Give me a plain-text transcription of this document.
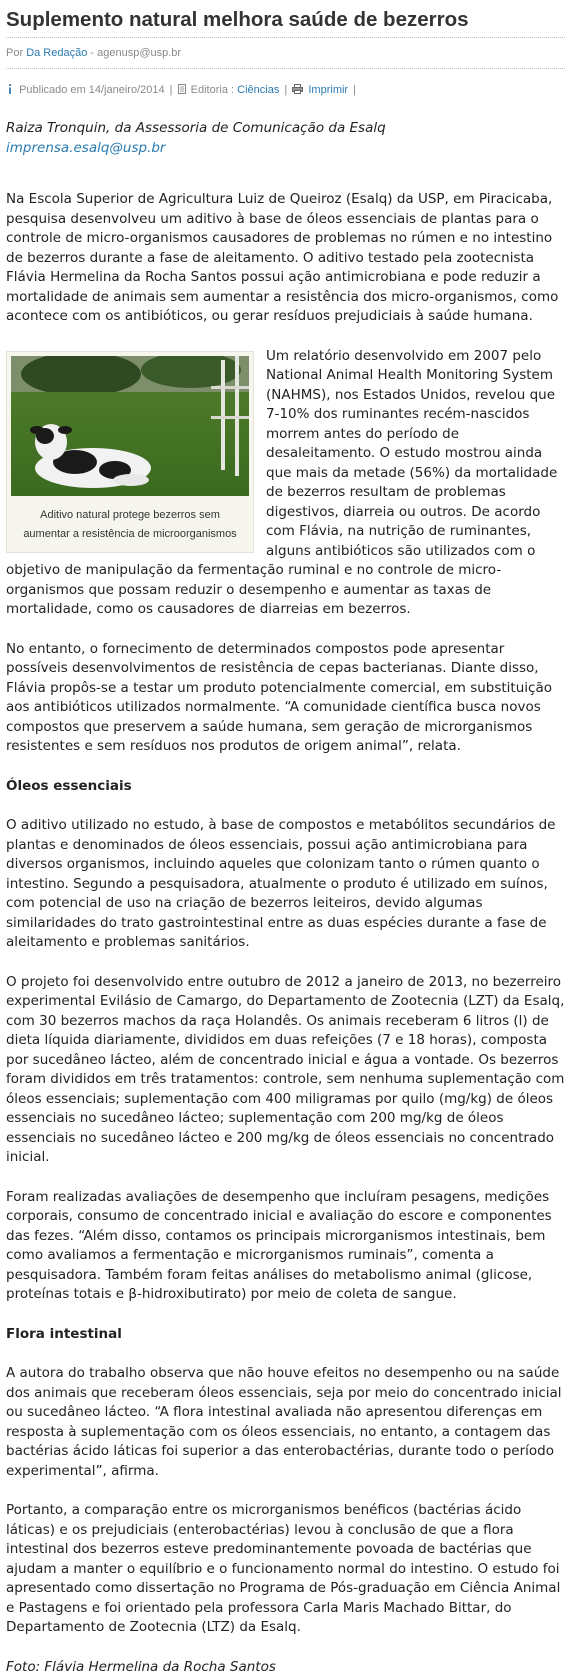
Suplemento natural melhora saúde de bezerros
Por Da Redação - agenusp@usp.br
Publicado em 14/janeiro/2014 | Editoria : Ciências | Imprimir |

Raiza Tronquin, da Assessoria de Comunicação da Esalq
imprensa.esalq@usp.br

Na Escola Superior de Agricultura Luiz de Queiroz (Esalq) da USP, em Piracicaba, pesquisa desenvolveu um aditivo à base de óleos essenciais de plantas para o controle de micro-organismos causadores de problemas no rúmen e no intestino de bezerros durante a fase de aleitamento. O aditivo testado pela zootecnista Flávia Hermelina da Rocha Santos possui ação antimicrobiana e pode reduzir a mortalidade de animais sem aumentar a resistência dos micro-organismos, como acontece com os antibióticos, ou gerar resíduos prejudiciais à saúde humana.

Aditivo natural protege bezerros sem aumentar a resistência de microorganismos

Um relatório desenvolvido em 2007 pelo National Animal Health Monitoring System (NAHMS), nos Estados Unidos, revelou que 7-10% dos ruminantes recém-nascidos morrem antes do período de desaleitamento. O estudo mostrou ainda que mais da metade (56%) da mortalidade de bezerros resultam de problemas digestivos, diarreia ou outros. De acordo com Flávia, na nutrição de ruminantes, alguns antibióticos são utilizados com o objetivo de manipulação da fermentação ruminal e no controle de micro-organismos que possam reduzir o desempenho e aumentar as taxas de mortalidade, como os causadores de diarreias em bezerros.

No entanto, o fornecimento de determinados compostos pode apresentar possíveis desenvolvimentos de resistência de cepas bacterianas. Diante disso, Flávia propôs-se a testar um produto potencialmente comercial, em substituição aos antibióticos utilizados normalmente. “A comunidade científica busca novos compostos que preservem a saúde humana, sem geração de microrganismos resistentes e sem resíduos nos produtos de origem animal”, relata.

Óleos essenciais

O aditivo utilizado no estudo, à base de compostos e metabólitos secundários de plantas e denominados de óleos essenciais, possui ação antimicrobiana para diversos organismos, incluindo aqueles que colonizam tanto o rúmen quanto o intestino. Segundo a pesquisadora, atualmente o produto é utilizado em suínos, com potencial de uso na criação de bezerros leiteiros, devido algumas similaridades do trato gastrointestinal entre as duas espécies durante a fase de aleitamento e problemas sanitários.

O projeto foi desenvolvido entre outubro de 2012 a janeiro de 2013, no bezerreiro experimental Evilásio de Camargo, do Departamento de Zootecnia (LZT) da Esalq, com 30 bezerros machos da raça Holandês. Os animais receberam 6 litros (l) de dieta líquida diariamente, divididos em duas refeições (7 e 18 horas), composta por sucedâneo lácteo, além de concentrado inicial e água a vontade. Os bezerros foram divididos em três tratamentos: controle, sem nenhuma suplementação com óleos essenciais; suplementação com 400 miligramas por quilo (mg/kg) de óleos essenciais no sucedâneo lácteo; suplementação com 200 mg/kg de óleos essenciais no sucedâneo lácteo e 200 mg/kg de óleos essenciais no concentrado inicial.

Foram realizadas avaliações de desempenho que incluíram pesagens, medições corporais, consumo de concentrado inicial e avaliação do escore e componentes das fezes. “Além disso, contamos os principais microrganismos intestinais, bem como avaliamos a fermentação e microrganismos ruminais”, comenta a pesquisadora. Também foram feitas análises do metabolismo animal (glicose, proteínas totais e β-hidroxibutirato) por meio de coleta de sangue.

Flora intestinal

A autora do trabalho observa que não houve efeitos no desempenho ou na saúde dos animais que receberam óleos essenciais, seja por meio do concentrado inicial ou sucedâneo lácteo. “A flora intestinal avaliada não apresentou diferenças em resposta à suplementação com os óleos essenciais, no entanto, a contagem das bactérias ácido láticas foi superior a das enterobactérias, durante todo o período experimental”, afirma.

Portanto, a comparação entre os microrganismos benéficos (bactérias ácido láticas) e os prejudiciais (enterobactérias) levou à conclusão de que a flora intestinal dos bezerros esteve predominantemente povoada de bactérias que ajudam a manter o equilíbrio e o funcionamento normal do intestino. O estudo foi apresentado como dissertação no Programa de Pós-graduação em Ciência Animal e Pastagens e foi orientado pela professora Carla Maris Machado Bittar, do Departamento de Zootecnia (LTZ) da Esalq.

Foto: Flávia Hermelina da Rocha Santos
